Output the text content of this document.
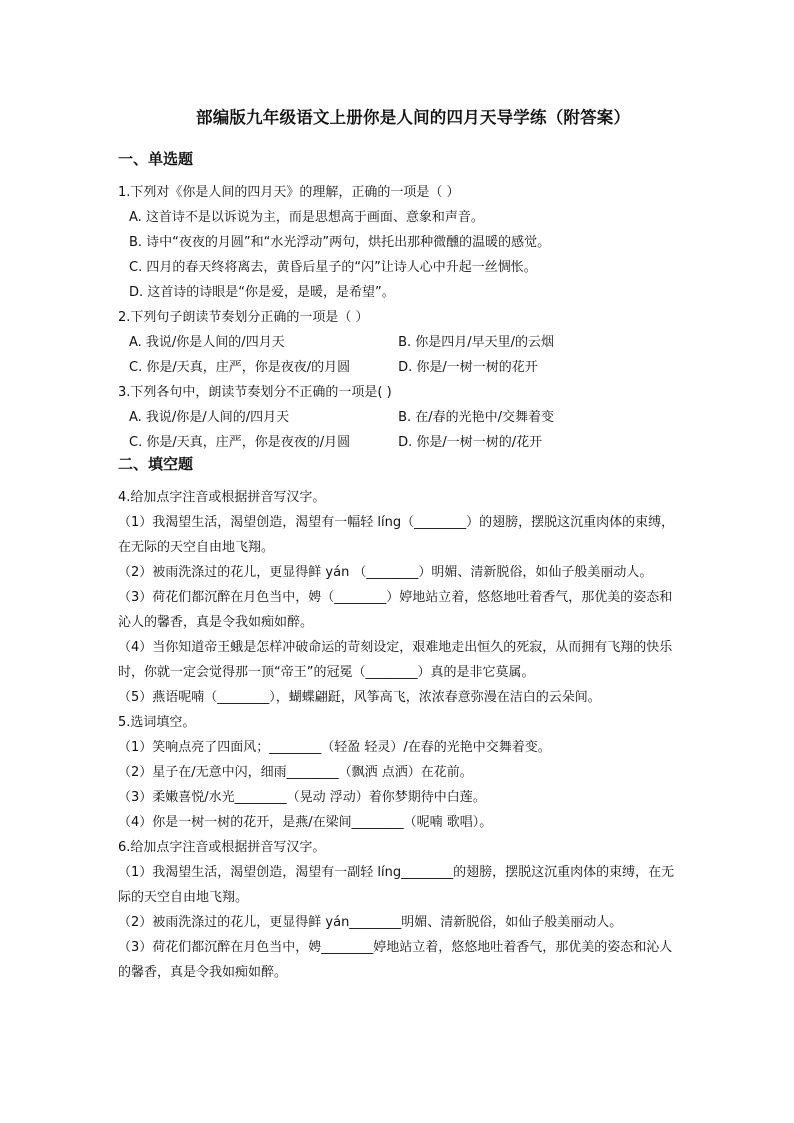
部编版九年级语文上册你是人间的四月天导学练（附答案）
一、单选题
1.下列对《你是人间的四月天》的理解，正确的一项是（ ）
A. 这首诗不是以诉说为主，而是思想高于画面、意象和声音。
B. 诗中“夜夜的月圆”和“水光浮动”两句，烘托出那种微醺的温暖的感觉。
C. 四月的春天终将离去，黄昏后星子的“闪”让诗人心中升起一丝惆怅。
D. 这首诗的诗眼是“你是爱，是暖，是希望”。
2.下列句子朗读节奏划分正确的一项是（ ）
A. 我说/你是人间的/四月天	B. 你是四月/早天里/的云烟
C. 你是/天真，庄严，你是夜夜/的月圆	D. 你是/一树一树的花开
3.下列各句中，朗读节奏划分不正确的一项是( )
A. 我说/你是/人间的/四月天	B. 在/春的光艳中/交舞着变
C. 你是/天真，庄严，你是夜夜的/月圆	D. 你是/一树一树的/花开
二、填空题
4.给加点字注音或根据拼音写汉字。
（1）我渴望生活，渴望创造，渴望有一幅轻 líng（________）的翅膀，摆脱这沉重肉体的束缚，在无际的天空自由地飞翔。
（2）被雨洗涤过的花儿，更显得鲜 yán （________）明媚、清新脱俗，如仙子般美丽动人。
（3）荷花们都沉醉在月色当中，娉（________）婷地站立着，悠悠地吐着香气，那优美的姿态和沁人的馨香，真是令我如痴如醉。
（4）当你知道帝王蛾是怎样冲破命运的苛刻设定，艰难地走出恒久的死寂，从而拥有飞翔的快乐时，你就一定会觉得那一顶“帝王”的冠冕（________）真的是非它莫属。
（5）燕语呢喃（________），蝴蝶翩跹，风筝高飞，浓浓春意弥漫在洁白的云朵间。
5.选词填空。
（1）笑响点亮了四面风；________（轻盈 轻灵）/在春的光艳中交舞着变。
（2）星子在/无意中闪，细雨________（飘洒 点洒）在花前。
（3）柔嫩喜悦/水光________（晃动 浮动）着你梦期待中白莲。
（4）你是一树一树的花开，是燕/在梁间________（呢喃 歌唱）。
6.给加点字注音或根据拼音写汉字。
（1）我渴望生活，渴望创造，渴望有一副轻 líng________的翅膀，摆脱这沉重肉体的束缚，在无际的天空自由地飞翔。
（2）被雨洗涤过的花儿，更显得鲜 yán________明媚、清新脱俗，如仙子般美丽动人。
（3）荷花们都沉醉在月色当中，娉________婷地站立着，悠悠地吐着香气，那优美的姿态和沁人的馨香，真是令我如痴如醉。
